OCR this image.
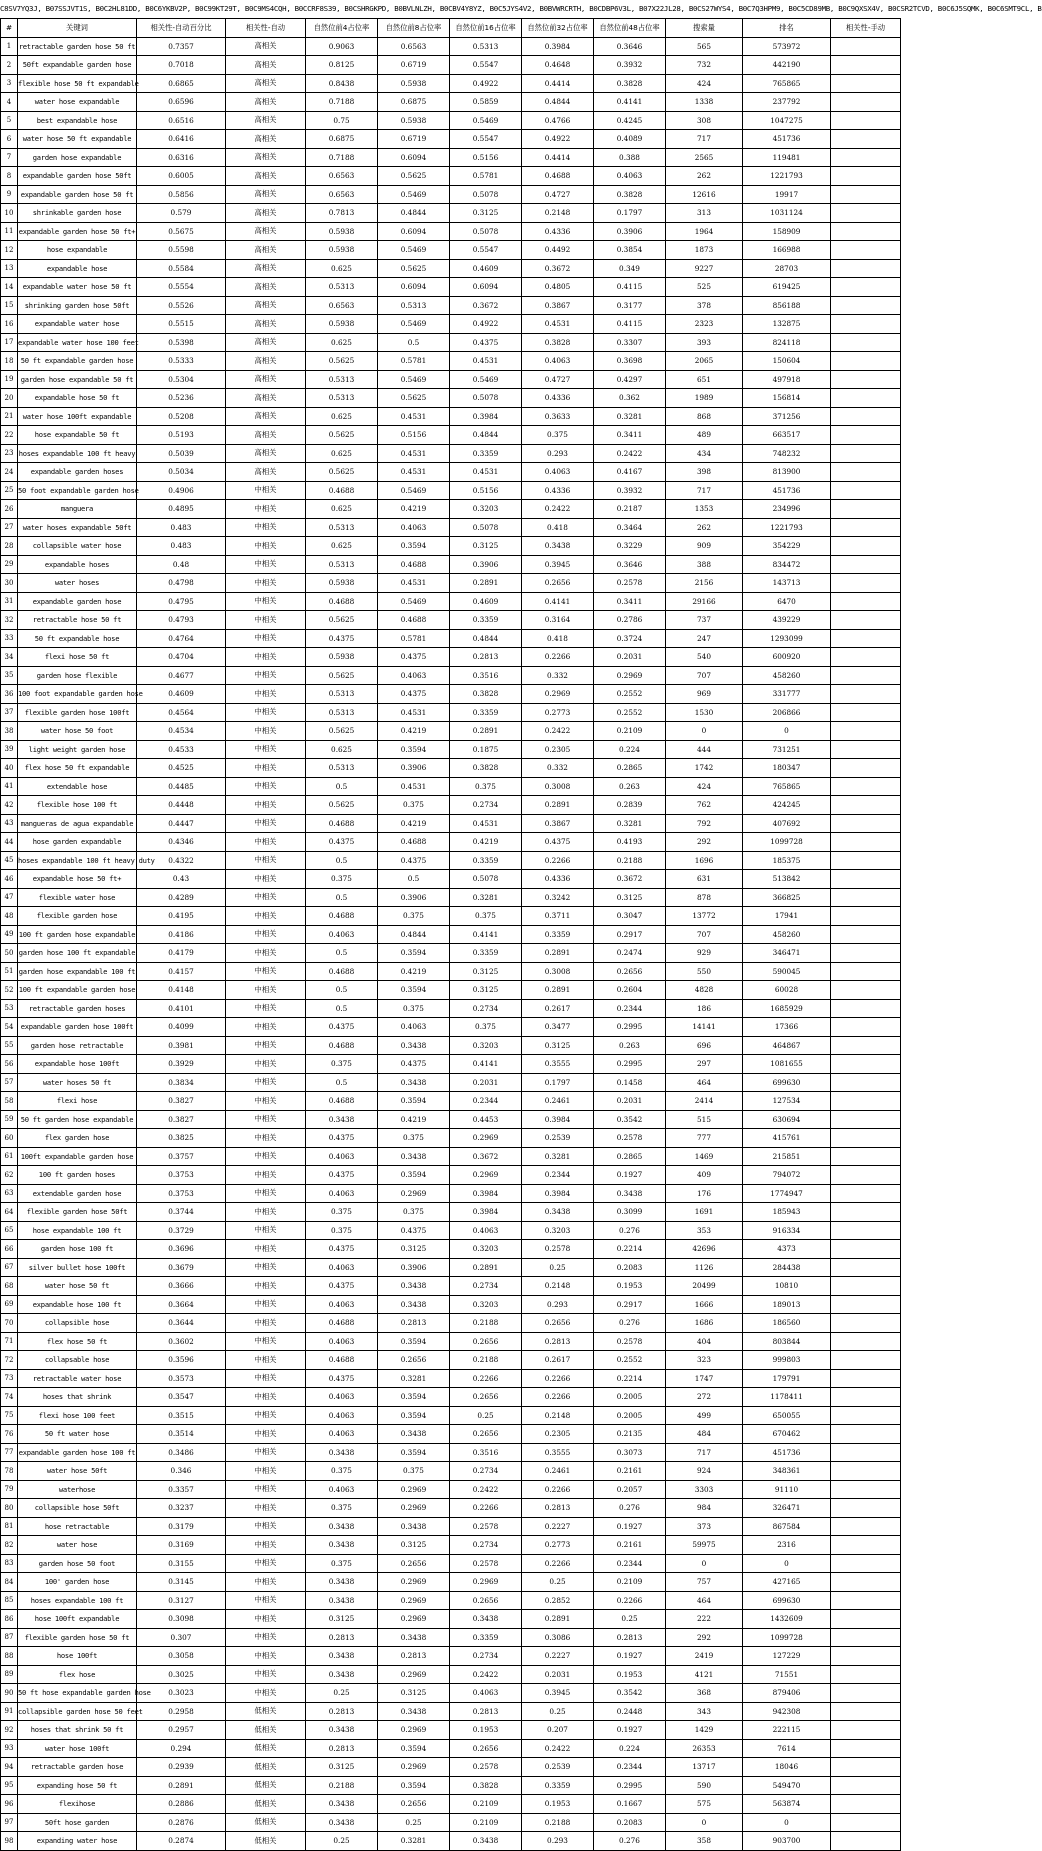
C8SV7YQ3J, B07SSJVT1S, B0C2HL81DD, B0C6YKBV2P, B0C99KT29T, B0C9MS4CQH, B0CCRF8S39, B0CSHRGKPD, B0BVLNLZH, B0CBV4Y8YZ, B0C5JYS4V2, B0BVWRCRTH, B0CDBP6V3L, B07X22JL28, B0CS27WYS4, B0C7Q3HPM9, B0C5CD89MB, B0C9QXSX4V, B0CSR2TCVD, B0C6J5SQMK, B0C6SMT9CL, B
#	关键词	相关性-自动百分比	相关性-自动	自然位前4占位率	自然位前8占位率	自然位前16占位率	自然位前32占位率	自然位前48占位率	搜索量	排名	相关性-手动
1	retractable garden hose 50 ft	0.7357	高相关	0.9063	0.6563	0.5313	0.3984	0.3646	565	573972	
2	50ft expandable garden hose	0.7018	高相关	0.8125	0.6719	0.5547	0.4648	0.3932	732	442190	
3	flexible hose 50 ft expandable	0.6865	高相关	0.8438	0.5938	0.4922	0.4414	0.3828	424	765865	
4	water hose expandable	0.6596	高相关	0.7188	0.6875	0.5859	0.4844	0.4141	1338	237792	
5	best expandable hose	0.6516	高相关	0.75	0.5938	0.5469	0.4766	0.4245	308	1047275	
6	water hose 50 ft expandable	0.6416	高相关	0.6875	0.6719	0.5547	0.4922	0.4089	717	451736	
7	garden hose expandable	0.6316	高相关	0.7188	0.6094	0.5156	0.4414	0.388	2565	119481	
8	expandable garden hose 50ft	0.6005	高相关	0.6563	0.5625	0.5781	0.4688	0.4063	262	1221793	
9	expandable garden hose 50 ft	0.5856	高相关	0.6563	0.5469	0.5078	0.4727	0.3828	12616	19917	
10	shrinkable garden hose	0.579	高相关	0.7813	0.4844	0.3125	0.2148	0.1797	313	1031124	
11	expandable garden hose 50 ft+	0.5675	高相关	0.5938	0.6094	0.5078	0.4336	0.3906	1964	158909	
12	hose expandable	0.5598	高相关	0.5938	0.5469	0.5547	0.4492	0.3854	1873	166988	
13	expandable hose	0.5584	高相关	0.625	0.5625	0.4609	0.3672	0.349	9227	28703	
14	expandable water hose 50 ft	0.5554	高相关	0.5313	0.6094	0.6094	0.4805	0.4115	525	619425	
15	shrinking garden hose 50ft	0.5526	高相关	0.6563	0.5313	0.3672	0.3867	0.3177	378	856188	
16	expandable water hose	0.5515	高相关	0.5938	0.5469	0.4922	0.4531	0.4115	2323	132875	
17	expandable water hose 100 feet	0.5398	高相关	0.625	0.5	0.4375	0.3828	0.3307	393	824118	
18	50 ft expandable garden hose	0.5333	高相关	0.5625	0.5781	0.4531	0.4063	0.3698	2065	150604	
19	garden hose expandable 50 ft	0.5304	高相关	0.5313	0.5469	0.5469	0.4727	0.4297	651	497918	
20	expandable hose 50 ft	0.5236	高相关	0.5313	0.5625	0.5078	0.4336	0.362	1989	156814	
21	water hose 100ft expandable	0.5208	高相关	0.625	0.4531	0.3984	0.3633	0.3281	868	371256	
22	hose expandable 50 ft	0.5193	高相关	0.5625	0.5156	0.4844	0.375	0.3411	489	663517	
23	hoses expandable 100 ft heavy	0.5039	高相关	0.625	0.4531	0.3359	0.293	0.2422	434	748232	
24	expandable garden hoses	0.5034	高相关	0.5625	0.4531	0.4531	0.4063	0.4167	398	813900	
25	50 foot expandable garden hose	0.4906	中相关	0.4688	0.5469	0.5156	0.4336	0.3932	717	451736	
26	manguera	0.4895	中相关	0.625	0.4219	0.3203	0.2422	0.2187	1353	234996	
27	water hoses expandable 50ft	0.483	中相关	0.5313	0.4063	0.5078	0.418	0.3464	262	1221793	
28	collapsible water hose	0.483	中相关	0.625	0.3594	0.3125	0.3438	0.3229	909	354229	
29	expandable hoses	0.48	中相关	0.5313	0.4688	0.3906	0.3945	0.3646	388	834472	
30	water hoses	0.4798	中相关	0.5938	0.4531	0.2891	0.2656	0.2578	2156	143713	
31	expandable garden hose	0.4795	中相关	0.4688	0.5469	0.4609	0.4141	0.3411	29166	6470	
32	retractable hose 50 ft	0.4793	中相关	0.5625	0.4688	0.3359	0.3164	0.2786	737	439229	
33	50 ft expandable hose	0.4764	中相关	0.4375	0.5781	0.4844	0.418	0.3724	247	1293099	
34	flexi hose 50 ft	0.4704	中相关	0.5938	0.4375	0.2813	0.2266	0.2031	540	600920	
35	garden hose flexible	0.4677	中相关	0.5625	0.4063	0.3516	0.332	0.2969	707	458260	
36	100 foot expandable garden hose	0.4609	中相关	0.5313	0.4375	0.3828	0.2969	0.2552	969	331777	
37	flexible garden hose 100ft	0.4564	中相关	0.5313	0.4531	0.3359	0.2773	0.2552	1530	206866	
38	water hose 50 foot	0.4534	中相关	0.5625	0.4219	0.2891	0.2422	0.2109	0	0	
39	light weight garden hose	0.4533	中相关	0.625	0.3594	0.1875	0.2305	0.224	444	731251	
40	flex hose 50 ft expandable	0.4525	中相关	0.5313	0.3906	0.3828	0.332	0.2865	1742	180347	
41	extendable hose	0.4485	中相关	0.5	0.4531	0.375	0.3008	0.263	424	765865	
42	flexible hose 100 ft	0.4448	中相关	0.5625	0.375	0.2734	0.2891	0.2839	762	424245	
43	mangueras de agua expandable	0.4447	中相关	0.4688	0.4219	0.4531	0.3867	0.3281	792	407692	
44	hose garden expandable	0.4346	中相关	0.4375	0.4688	0.4219	0.4375	0.4193	292	1099728	
45	hoses expandable 100 ft heavy duty	0.4322	中相关	0.5	0.4375	0.3359	0.2266	0.2188	1696	185375	
46	expandable hose 50 ft+	0.43	中相关	0.375	0.5	0.5078	0.4336	0.3672	631	513842	
47	flexible water hose	0.4289	中相关	0.5	0.3906	0.3281	0.3242	0.3125	878	366825	
48	flexible garden hose	0.4195	中相关	0.4688	0.375	0.375	0.3711	0.3047	13772	17941	
49	100 ft garden hose expandable	0.4186	中相关	0.4063	0.4844	0.4141	0.3359	0.2917	707	458260	
50	garden hose 100 ft expandable	0.4179	中相关	0.5	0.3594	0.3359	0.2891	0.2474	929	346471	
51	garden hose expandable 100 ft	0.4157	中相关	0.4688	0.4219	0.3125	0.3008	0.2656	550	590045	
52	100 ft expandable garden hose	0.4148	中相关	0.5	0.3594	0.3125	0.2891	0.2604	4828	60028	
53	retractable garden hoses	0.4101	中相关	0.5	0.375	0.2734	0.2617	0.2344	186	1685929	
54	expandable garden hose 100ft	0.4099	中相关	0.4375	0.4063	0.375	0.3477	0.2995	14141	17366	
55	garden hose retractable	0.3981	中相关	0.4688	0.3438	0.3203	0.3125	0.263	696	464867	
56	expandable hose 100ft	0.3929	中相关	0.375	0.4375	0.4141	0.3555	0.2995	297	1081655	
57	water hoses 50 ft	0.3834	中相关	0.5	0.3438	0.2031	0.1797	0.1458	464	699630	
58	flexi hose	0.3827	中相关	0.4688	0.3594	0.2344	0.2461	0.2031	2414	127534	
59	50 ft garden hose expandable	0.3827	中相关	0.3438	0.4219	0.4453	0.3984	0.3542	515	630694	
60	flex garden hose	0.3825	中相关	0.4375	0.375	0.2969	0.2539	0.2578	777	415761	
61	100ft expandable garden hose	0.3757	中相关	0.4063	0.3438	0.3672	0.3281	0.2865	1469	215851	
62	100 ft garden hoses	0.3753	中相关	0.4375	0.3594	0.2969	0.2344	0.1927	409	794072	
63	extendable garden hose	0.3753	中相关	0.4063	0.2969	0.3984	0.3984	0.3438	176	1774947	
64	flexible garden hose 50ft	0.3744	中相关	0.375	0.375	0.3984	0.3438	0.3099	1691	185943	
65	hose expandable 100 ft	0.3729	中相关	0.375	0.4375	0.4063	0.3203	0.276	353	916334	
66	garden hose 100 ft	0.3696	中相关	0.4375	0.3125	0.3203	0.2578	0.2214	42696	4373	
67	silver bullet hose 100ft	0.3679	中相关	0.4063	0.3906	0.2891	0.25	0.2083	1126	284438	
68	water hose 50 ft	0.3666	中相关	0.4375	0.3438	0.2734	0.2148	0.1953	20499	10810	
69	expandable hose 100 ft	0.3664	中相关	0.4063	0.3438	0.3203	0.293	0.2917	1666	189013	
70	collapsible hose	0.3644	中相关	0.4688	0.2813	0.2188	0.2656	0.276	1686	186560	
71	flex hose 50 ft	0.3602	中相关	0.4063	0.3594	0.2656	0.2813	0.2578	404	803844	
72	collapsable hose	0.3596	中相关	0.4688	0.2656	0.2188	0.2617	0.2552	323	999803	
73	retractable water hose	0.3573	中相关	0.4375	0.3281	0.2266	0.2266	0.2214	1747	179791	
74	hoses that shrink	0.3547	中相关	0.4063	0.3594	0.2656	0.2266	0.2005	272	1178411	
75	flexi hose 100 feet	0.3515	中相关	0.4063	0.3594	0.25	0.2148	0.2005	499	650055	
76	50 ft water hose	0.3514	中相关	0.4063	0.3438	0.2656	0.2305	0.2135	484	670462	
77	expandable garden hose 100 ft	0.3486	中相关	0.3438	0.3594	0.3516	0.3555	0.3073	717	451736	
78	water hose 50ft	0.346	中相关	0.375	0.375	0.2734	0.2461	0.2161	924	348361	
79	waterhose	0.3357	中相关	0.4063	0.2969	0.2422	0.2266	0.2057	3303	91110	
80	collapsible hose 50ft	0.3237	中相关	0.375	0.2969	0.2266	0.2813	0.276	984	326471	
81	hose retractable	0.3179	中相关	0.3438	0.3438	0.2578	0.2227	0.1927	373	867584	
82	water hose	0.3169	中相关	0.3438	0.3125	0.2734	0.2773	0.2161	59975	2316	
83	garden hose 50 foot	0.3155	中相关	0.375	0.2656	0.2578	0.2266	0.2344	0	0	
84	100' garden hose	0.3145	中相关	0.3438	0.2969	0.2969	0.25	0.2109	757	427165	
85	hoses expandable 100 ft	0.3127	中相关	0.3438	0.2969	0.2656	0.2852	0.2266	464	699630	
86	hose 100ft expandable	0.3098	中相关	0.3125	0.2969	0.3438	0.2891	0.25	222	1432609	
87	flexible garden hose 50 ft	0.307	中相关	0.2813	0.3438	0.3359	0.3086	0.2813	292	1099728	
88	hose 100ft	0.3058	中相关	0.3438	0.2813	0.2734	0.2227	0.1927	2419	127229	
89	flex hose	0.3025	中相关	0.3438	0.2969	0.2422	0.2031	0.1953	4121	71551	
90	50 ft hose expandable garden hose	0.3023	中相关	0.25	0.3125	0.4063	0.3945	0.3542	368	879406	
91	collapsible garden hose 50 feet	0.2958	低相关	0.2813	0.3438	0.2813	0.25	0.2448	343	942308	
92	hoses that shrink 50 ft	0.2957	低相关	0.3438	0.2969	0.1953	0.207	0.1927	1429	222115	
93	water hose 100ft	0.294	低相关	0.2813	0.3594	0.2656	0.2422	0.224	26353	7614	
94	retractable garden hose	0.2939	低相关	0.3125	0.2969	0.2578	0.2539	0.2344	13717	18046	
95	expanding hose 50 ft	0.2891	低相关	0.2188	0.3594	0.3828	0.3359	0.2995	590	549470	
96	flexihose	0.2886	低相关	0.3438	0.2656	0.2109	0.1953	0.1667	575	563874	
97	50ft hose garden	0.2876	低相关	0.3438	0.25	0.2109	0.2188	0.2083	0	0	
98	expanding water hose	0.2874	低相关	0.25	0.3281	0.3438	0.293	0.276	358	903700	
